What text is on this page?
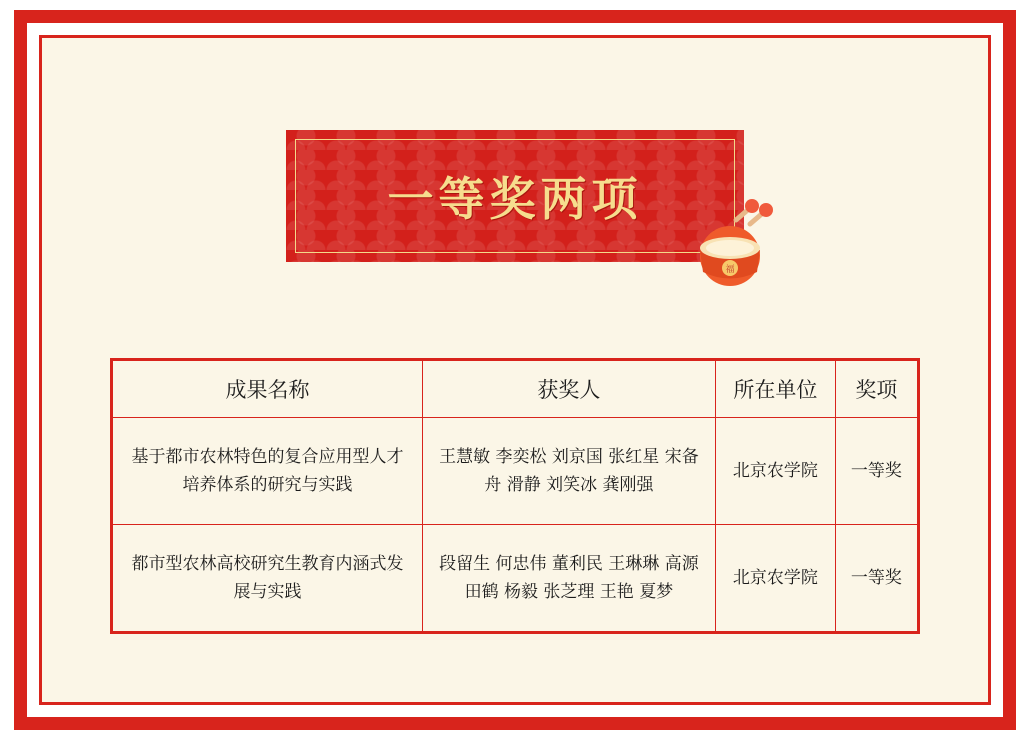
一等奖两项
福
成果名称	获奖人	所在单位	奖项
基于都市农林特色的复合应用型人才培养体系的研究与实践	王慧敏 李奕松 刘京国 张红星 宋备舟 滑静 刘笑冰 龚刚强	北京农学院	一等奖
都市型农林高校研究生教育内涵式发展与实践	段留生 何忠伟 董利民 王琳琳 高源 田鹤 杨毅 张芝理 王艳 夏梦	北京农学院	一等奖
